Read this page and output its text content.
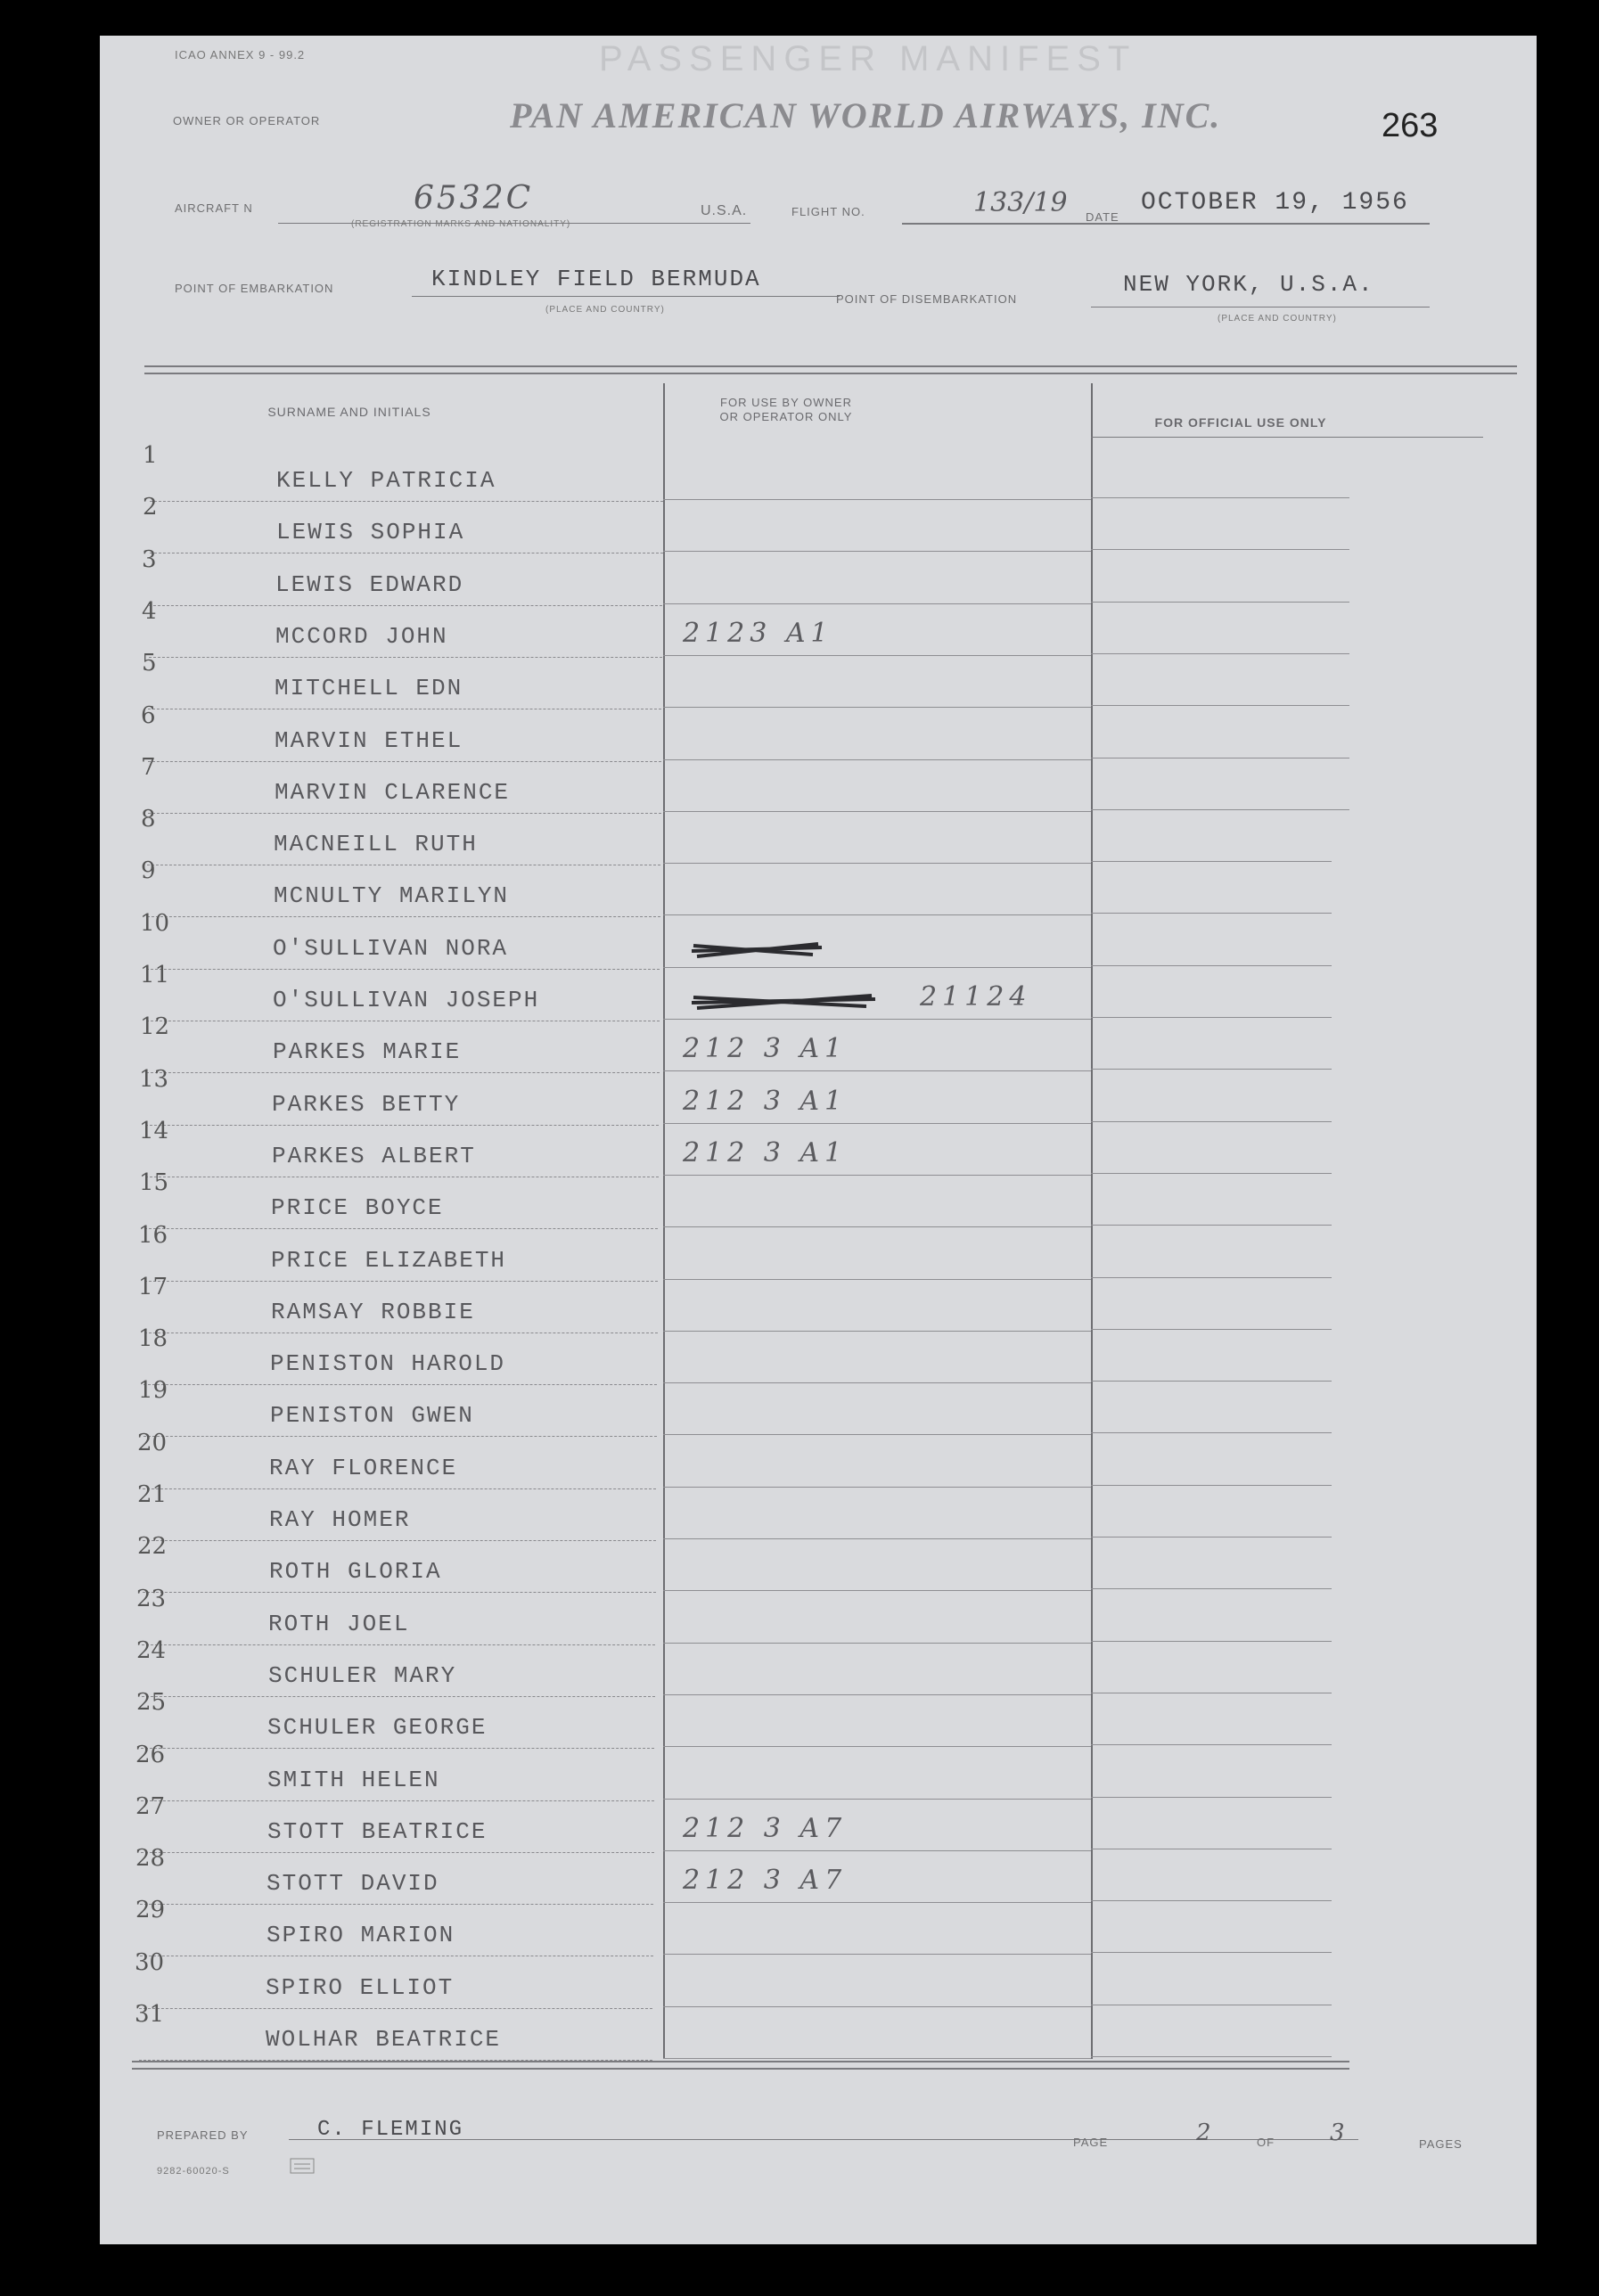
ICAO ANNEX 9 - 99.2	PASSENGER MANIFEST
OWNER OR OPERATOR	PAN AMERICAN WORLD AIRWAYS, INC.	263
AIRCRAFT N	6532C
(REGISTRATION MARKS AND NATIONALITY)
U.S.A.	FLIGHT NO.	133/19 DATE
OCTOBER 19, 1956
POINT OF EMBARKATION	KINDLEY FIELD BERMUDA
(PLACE AND COUNTRY)
POINT OF DISEMBARKATION
NEW YORK, U.S.A.
(PLACE AND COUNTRY)
SURNAME AND INITIALS
FOR USE BY OWNER
OR OPERATOR ONLY	FOR OFFICIAL USE ONLY
1
KELLY PATRICIA
2
LEWIS SOPHIA
3
LEWIS EDWARD
4
MCCORD JOHN	2123 A1
5
MITCHELL EDN
6
MARVIN ETHEL
7
MARVIN CLARENCE
8
MACNEILL RUTH
9
MCNULTY MARILYN
10
O'SULLIVAN NORA
11
O'SULLIVAN JOSEPH	21124
12
PARKES MARIE	212 3 A1
13
PARKES BETTY	212 3 A1
14
PARKES ALBERT	212 3 A1
15
PRICE BOYCE
16
PRICE ELIZABETH
17
RAMSAY ROBBIE
18
PENISTON HAROLD
19
PENISTON GWEN
20
RAY FLORENCE
21
RAY HOMER
22
ROTH GLORIA
23
ROTH JOEL
24
SCHULER MARY
25
SCHULER GEORGE
26
SMITH HELEN
27
STOTT BEATRICE	212 3 A7
28
STOTT DAVID	212 3 A7
29
SPIRO MARION
30
SPIRO ELLIOT
31
WOLHAR BEATRICE
PREPARED BY	C. FLEMING
PAGE	2	OF 3	PAGES
9282-60020-S
